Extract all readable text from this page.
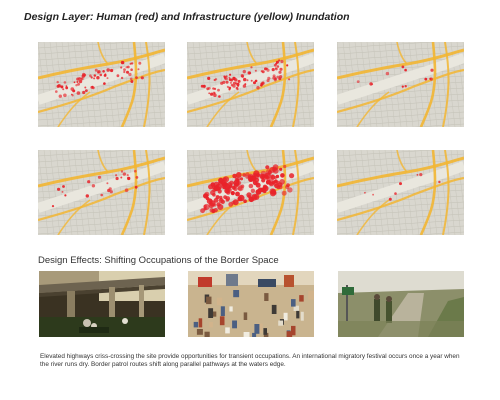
Design Layer: Human (red) and Infrastructure (yellow) Inundation
Design Effects: Shifting Occupations of the Border Space
Elevated highways criss-crossing the site provide opportunities for transient occupations. An international migratory festival occurs once a year when the river runs dry. Border patrol routes shift along parallel pathways at the waters edge.
